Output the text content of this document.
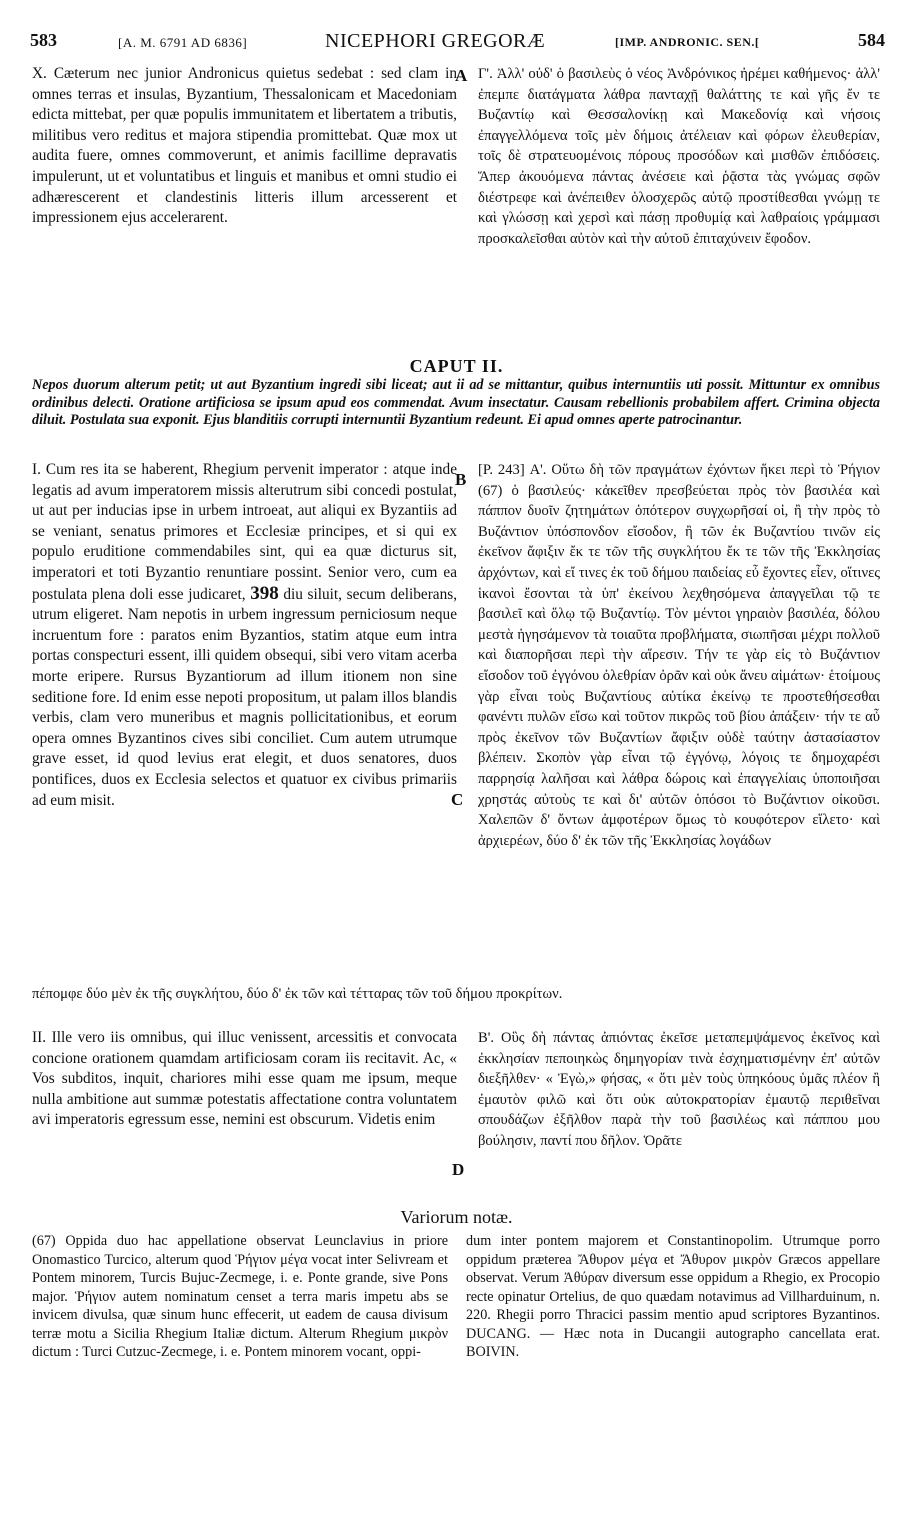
583	[A. M. 6791 AD 6836]	NICEPHORI GREGORÆ	[IMP. ANDRONIC. SEN.[	584

X. Cæterum nec junior Andronicus quietus sedebat : sed clam in omnes terras et insulas, Byzantium, Thessalonicam et Macedoniam edicta mittebat, per quæ populis immunitatem et libertatem a tributis, militibus vero reditus et majora stipendia promittebat. Quæ mox ut audita fuere, omnes commoverunt, et animis facillime depravatis impulerunt, ut et voluntatibus et linguis et manibus et omni studio ei adhærescerent et clandestinis litteris illum arcesserent et impressionem ejus accelerarent.

A Γ'. Ἀλλ' οὐδ' ὁ βασιλεὺς ὁ νέος Ἀνδρόνικος ἠρέμει καθήμενος· ἀλλ' ἐπεμπε διατάγματα λάθρα πανταχῇ θαλάττης τε καὶ γῆς ἔν τε Βυζαντίῳ καὶ Θεσσαλονίκῃ καὶ Μακεδονίᾳ καὶ νήσοις ἐπαγγελλόμενα τοῖς μὲν δήμοις ἀτέλειαν καὶ φόρων ἐλευθερίαν, τοῖς δὲ στρατευομένοις πόρους προσόδων καὶ μισθῶν ἐπιδόσεις. Ἅπερ ἀκουόμενα πάντας ἀνέσειε καὶ ῥᾷστα τὰς γνώμας σφῶν διέστρεφε καὶ ἀνέπειθεν ὁλοσχερῶς αὐτῷ προστίθεσθαι γνώμῃ τε καὶ γλώσσῃ καὶ χερσὶ καὶ πάσῃ προθυμίᾳ καὶ λαθραίοις γράμμασι προσκαλεῖσθαι αὐτὸν καὶ τὴν αὐτοῦ ἐπιταχύνειν ἔφοδον.

CAPUT II.
Nepos duorum alterum petit; ut aut Byzantium ingredi sibi liceat; aut ii ad se mittantur, quibus internuntiis uti possit. Mittuntur ex omnibus ordinibus delecti. Oratione artificiosa se ipsum apud eos commendat. Avum insectatur. Causam rebellionis probabilem affert. Crimina objecta diluit. Postulata sua exponit. Ejus blanditiis corrupti internuntii Byzantium redeunt. Ei apud omnes aperte patrocinantur.

I. Cum res ita se haberent, Rhegium pervenit imperator : atque inde legatis ad avum imperatorem missis alterutrum sibi concedi postulat, ut aut per inducias ipse in urbem introeat, aut aliqui ex Byzantiis ad se veniant, senatus primores et Ecclesiæ principes, et si qui ex populo eruditione commendabiles sint, qui ea quæ dicturus sit, imperatori et toti Byzantio renuntiare possint. Senior vero, cum ea postulata plena doli esse judicaret, 398 diu siluit, secum deliberans, utrum eligeret. Nam nepotis in urbem ingressum perniciosum neque incruentum fore : paratos enim Byzantios, statim atque eum intra portas conspecturi essent, illi quidem obsequi, sibi vero vitam acerba morte eripere. Rursus Byzantiorum ad illum itionem non sine seditione fore. Id enim esse nepoti propositum, ut palam illos blandis verbis, clam vero muneribus et magnis pollicitationibus, et eorum opera omnes Byzantinos cives sibi conciliet. Cum autem utrumque grave esset, id quod levius erat elegit, et duos senatores, duos pontifices, duos ex Ecclesia selectos et quatuor ex civibus primariis ad eum misit.

B
C

[P. 243] Α'. Οὕτω δὴ τῶν πραγμάτων ἐχόντων ἥκει περὶ τὸ Ῥήγιον (67) ὁ βασιλεύς· κἀκεῖθεν πρεσβεύεται πρὸς τὸν βασιλέα καὶ πάππον δυοῖν ζητημάτων ὁπότερον συγχωρῆσαί οἱ, ἢ τὴν πρὸς τὸ Βυζάντιον ὑπόσπονδον εἴσοδον, ἢ τῶν ἐκ Βυζαντίου τινῶν εἰς ἐκεῖνον ἄφιξιν ἔκ τε τῶν τῆς συγκλήτου ἔκ τε τῶν τῆς Ἐκκλησίας ἀρχόντων, καὶ εἴ τινες ἐκ τοῦ δήμου παιδείας εὖ ἔχοντες εἶεν, οἵτινες ἱκανοὶ ἔσονται τὰ ὑπ' ἐκείνου λεχθησόμενα ἀπαγγεῖλαι τῷ τε βασιλεῖ καὶ ὅλῳ τῷ Βυζαντίῳ. Τὸν μέντοι γηραιὸν βασιλέα, δόλου μεστὰ ἡγησάμενον τὰ τοιαῦτα προβλήματα, σιωπῆσαι μέχρι πολλοῦ καὶ διαπορῆσαι περὶ τὴν αἵρεσιν. Τήν τε γὰρ εἰς τὸ Βυζάντιον εἴσοδον τοῦ ἐγγόνου ὀλεθρίαν ὀρᾶν καὶ οὐκ ἄνευ αἱμάτων· ἑτοίμους γὰρ εἶναι τοὺς Βυζαντίους αὐτίκα ἐκείνῳ τε προστεθήσεσθαι φανέντι πυλῶν εἴσω καὶ τοῦτον πικρῶς τοῦ βίου ἀπάξειν· τήν τε αὖ πρὸς ἐκεῖνον τῶν Βυζαντίων ἄφιξιν οὐδὲ ταύτην ἀστασίαστον βλέπειν. Σκοπὸν γὰρ εἶναι τῷ ἐγγόνῳ, λόγοις τε δημοχαρέσι παρρησίᾳ λαλῆσαι καὶ λάθρα δώροις καὶ ἐπαγγελίαις ὑποποιῆσαι χρηστάς αὐτοὺς τε καὶ δι' αὐτῶν ὁπόσοι τὸ Βυζάντιον οἰκοῦσι. Χαλεπῶν δ' ὄντων ἀμφοτέρων ὅμως τὸ κουφότερον εἵλετο· καὶ ἀρχιερέων, δύο δ' ἐκ τῶν τῆς Ἐκκλησίας λογάδων

πέπομφε δύο μὲν ἐκ τῆς συγκλήτου, δύο δ' ἐκ τῶν καὶ τέτταρας τῶν τοῦ δήμου προκρίτων.

II. Ille vero iis omnibus, qui illuc venissent, arcessitis et convocata concione orationem quamdam artificiosam coram iis recitavit. Ac, « Vos subditos, inquit, chariores mihi esse quam me ipsum, meque nulla ambitione aut summæ potestatis affectatione contra voluntatem avi imperatoris egressum esse, nemini est obscurum. Videtis enim

D

Β'. Οὓς δὴ πάντας ἀπιόντας ἐκεῖσε μεταπεμψάμενος ἐκεῖνος καὶ ἐκκλησίαν πεποιηκὼς δημηγορίαν τινὰ ἐσχηματισμένην ἐπ' αὐτῶν διεξῆλθεν· « Ἐγὼ,» φήσας, « ὅτι μὲν τοὺς ὑπηκόους ὑμᾶς πλέον ἢ ἐμαυτὸν φιλῶ καὶ ὅτι οὐκ αὐτοκρατορίαν ἐμαυτῷ περιθεῖναι σπουδάζων ἐξῆλθον παρὰ τὴν τοῦ βασιλέως καὶ πάππου μου βούλησιν, παντί που δῆλον. Ὁρᾶτε

Variorum notæ.

(67) Oppida duo hac appellatione observat Leunclavius in priore Onomastico Turcico, alterum quod Ῥήγιον μέγα vocat inter Selivream et Pontem minorem, Turcis Bujuc-Zecmege, i. e. Ponte grande, sive Pons major. Ῥήγιον autem nominatum censet a terra maris impetu abs se invicem divulsa, quæ sinum hunc effecerit, ut eadem de causa divisum terræ motu a Sicilia Rhegium Italiæ dictum. Alterum Rhegium μικρὸν dictum : Turci Cutzuc-Zecmege, i. e. Pontem minorem vocant, oppi-

dum inter pontem majorem et Constantinopolim. Utrumque porro oppidum præterea Ἄθυρον μέγα et Ἄθυρον μικρὸν Græcos appellare observat. Verum Ἀθύραν diversum esse oppidum a Rhegio, ex Procopio recte opinatur Ortelius, de quo quædam notavimus ad Villharduinum, n. 220. Rhegii porro Thracici passim mentio apud scriptores Byzantinos. DUCANG. — Hæc nota in Ducangii autographo cancellata erat. BOIVIN.
